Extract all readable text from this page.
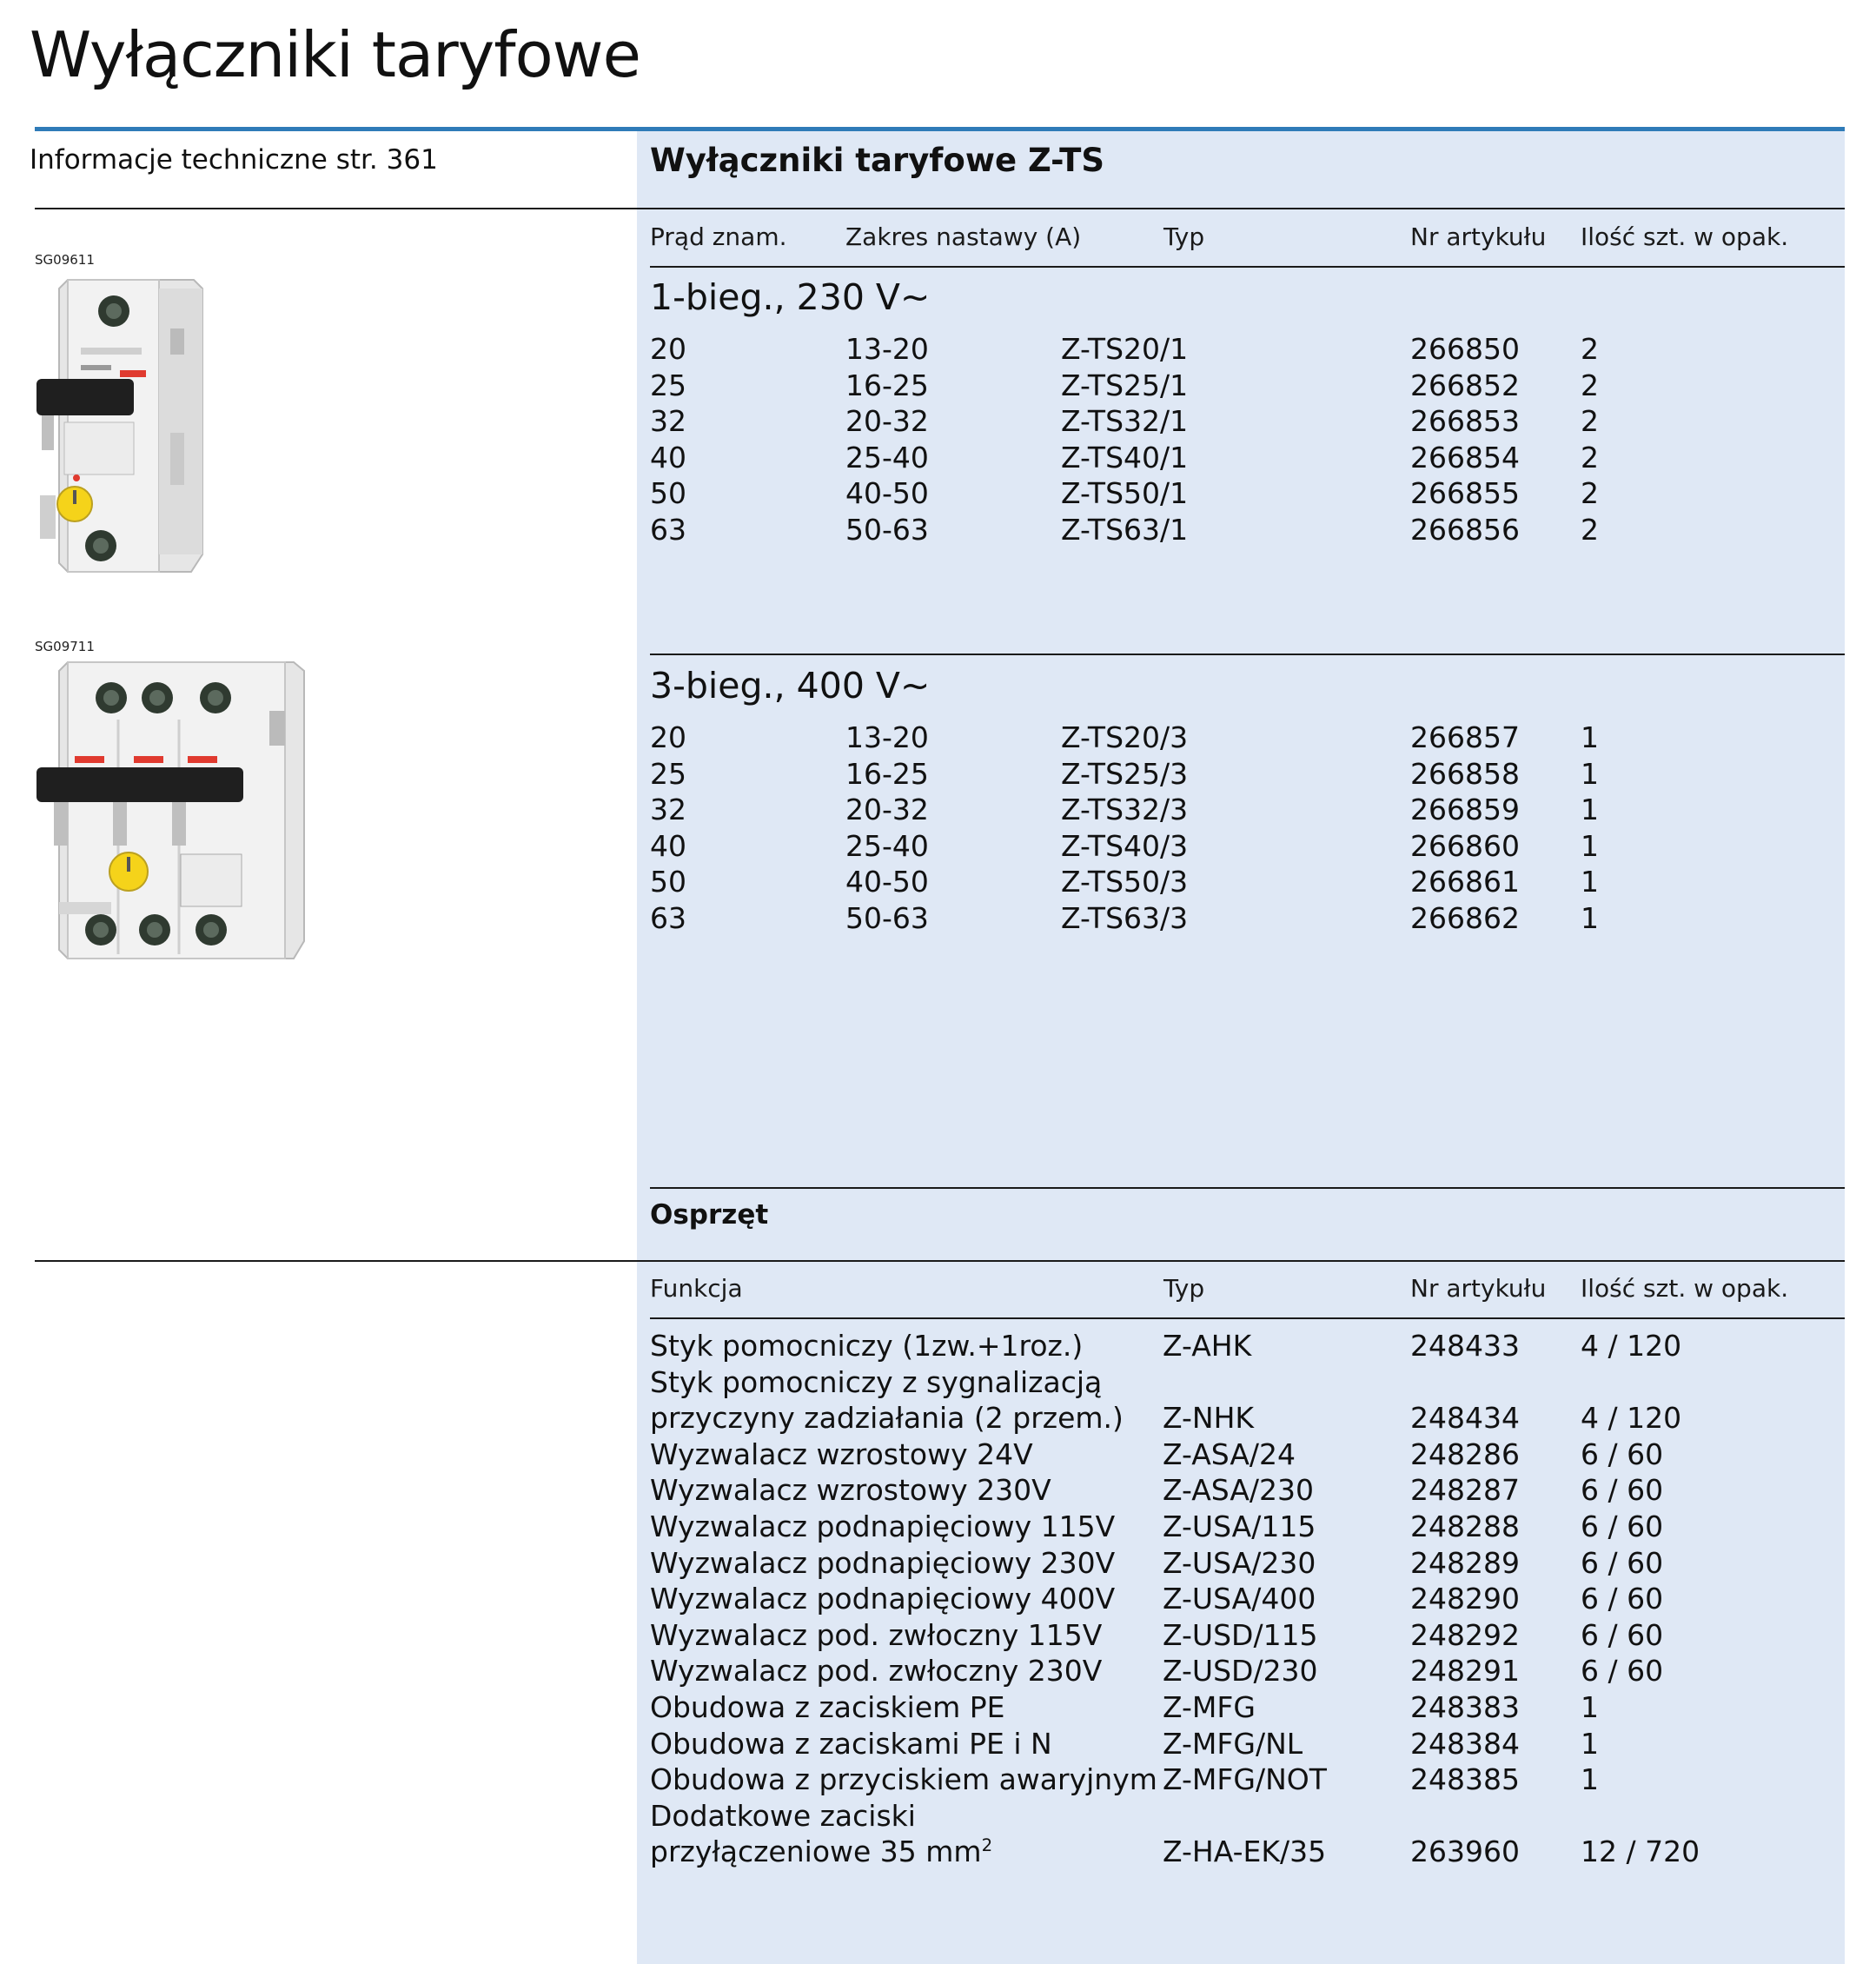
Wyłączniki taryfowe
Informacje techniczne str. 361	Wyłączniki taryfowe Z-TS
Prąd znam. Zakres nastawy (A)	Typ	Nr artykułu Ilość szt. w opak.
1-bieg., 230 V~
20	13-20	Z-TS20/1	266850 2
25	16-25	Z-TS25/1	266852 2
32	20-32	Z-TS32/1	266853 2
40	25-40	Z-TS40/1	266854 2
50	40-50	Z-TS50/1	266855 2
63	50-63	Z-TS63/1	266856 2
3-bieg., 400 V~
20	13-20	Z-TS20/3	266857 1
25	16-25	Z-TS25/3	266858 1
32	20-32	Z-TS32/3	266859 1
40	25-40	Z-TS40/3	266860 1
50	40-50	Z-TS50/3	266861 1
63	50-63	Z-TS63/3	266862 1
Osprzęt
Funkcja	Typ	Nr artykułu Ilość szt. w opak.
Styk pomocniczy (1zw.+1roz.)	Z-AHK	248433 4 / 120
Styk pomocniczy z sygnalizacją
przyczyny zadziałania (2 przem.) Z-NHK	248434 4 / 120
Wyzwalacz wzrostowy 24V	Z-ASA/24	248286 6 / 60
Wyzwalacz wzrostowy 230V	Z-ASA/230	248287 6 / 60
Wyzwalacz podnapięciowy 115V Z-USA/115	248288 6 / 60
Wyzwalacz podnapięciowy 230V Z-USA/230	248289 6 / 60
Wyzwalacz podnapięciowy 400V Z-USA/400	248290 6 / 60
Wyzwalacz pod. zwłoczny 115V Z-USD/115	248292 6 / 60
Wyzwalacz pod. zwłoczny 230V Z-USD/230	248291 6 / 60
Obudowa z zaciskiem PE	Z-MFG	248383 1
Obudowa z zaciskami PE i N	Z-MFG/NL	248384 1
Obudowa z przyciskiem awaryjnym Z-MFG/NOT	248385 1
Dodatkowe zaciski
przyłączeniowe 35 $mm^2$	Z-HA-EK/35	263960 12 / 720
SG09611
SG09711
